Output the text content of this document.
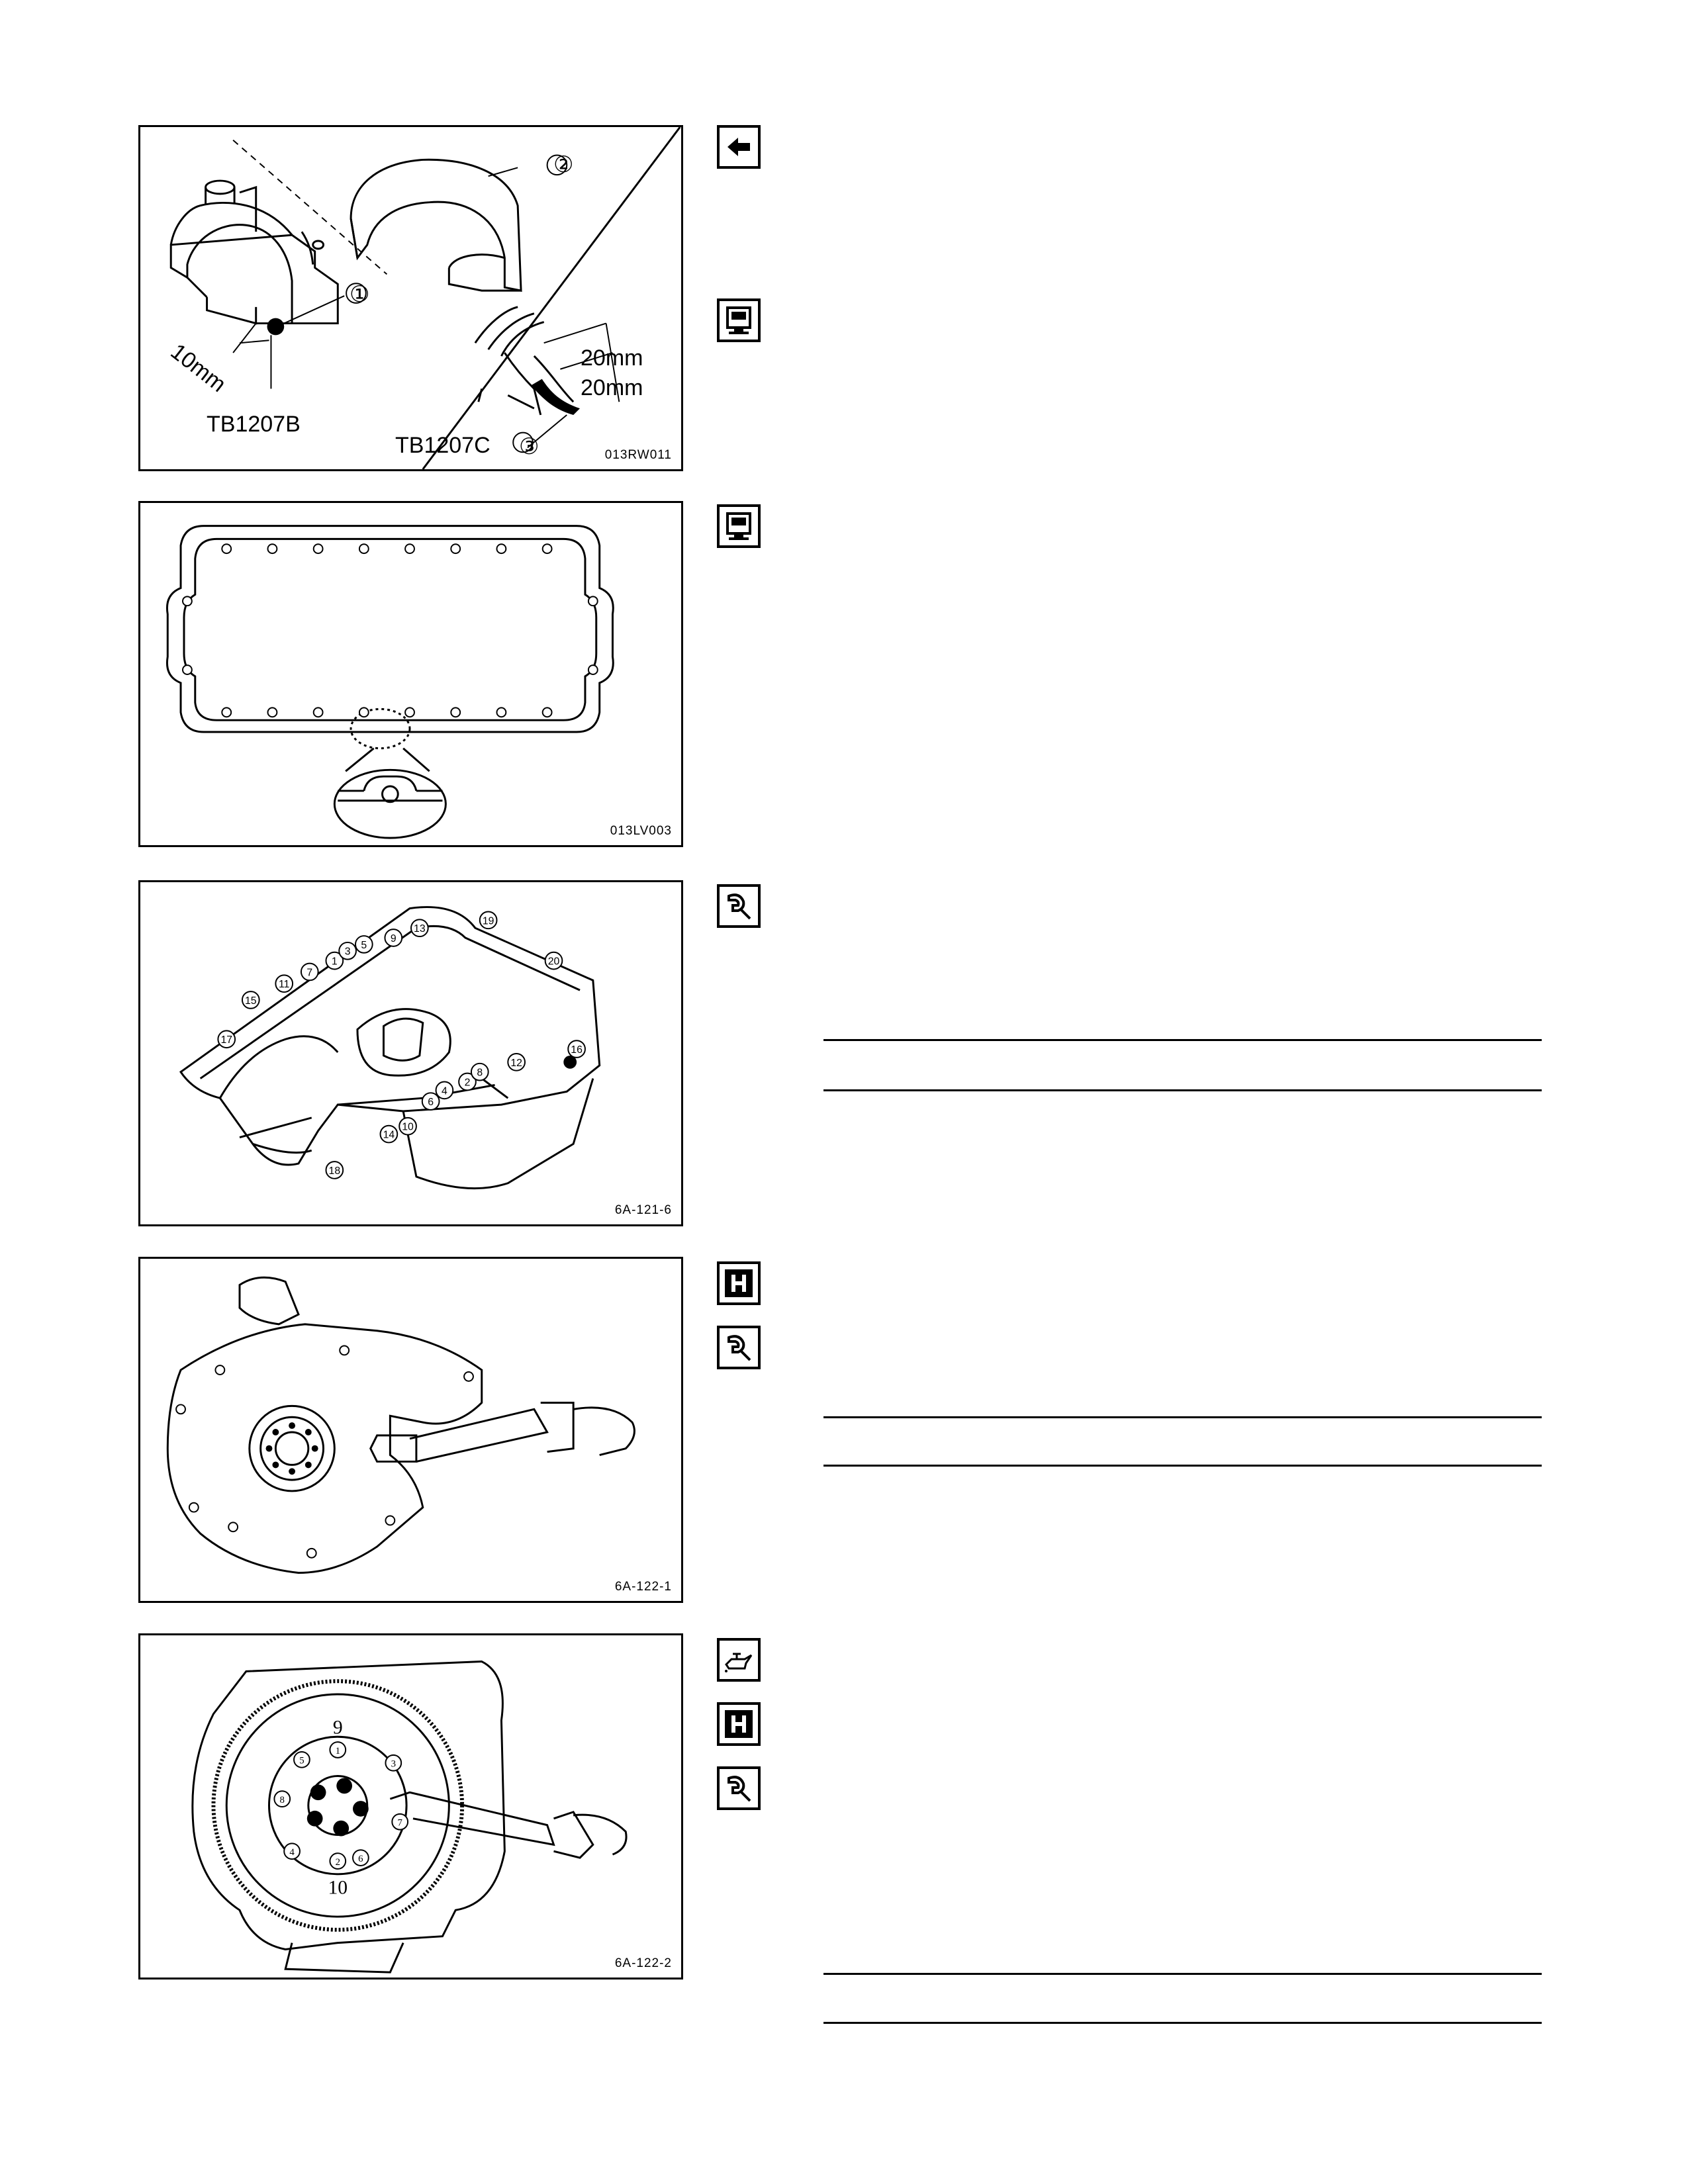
①
②
③
10mm	20mm
20mm
TB1207B
TB1207C	013RW011
013LV003
1
2
3
4
5
6
7
8
9
10
11
12
13
14
15
16
17
18
19
20
6A-121-6
6A-122-1
1
2
3
4
5
6
7
8
9
10
6A-122-2
